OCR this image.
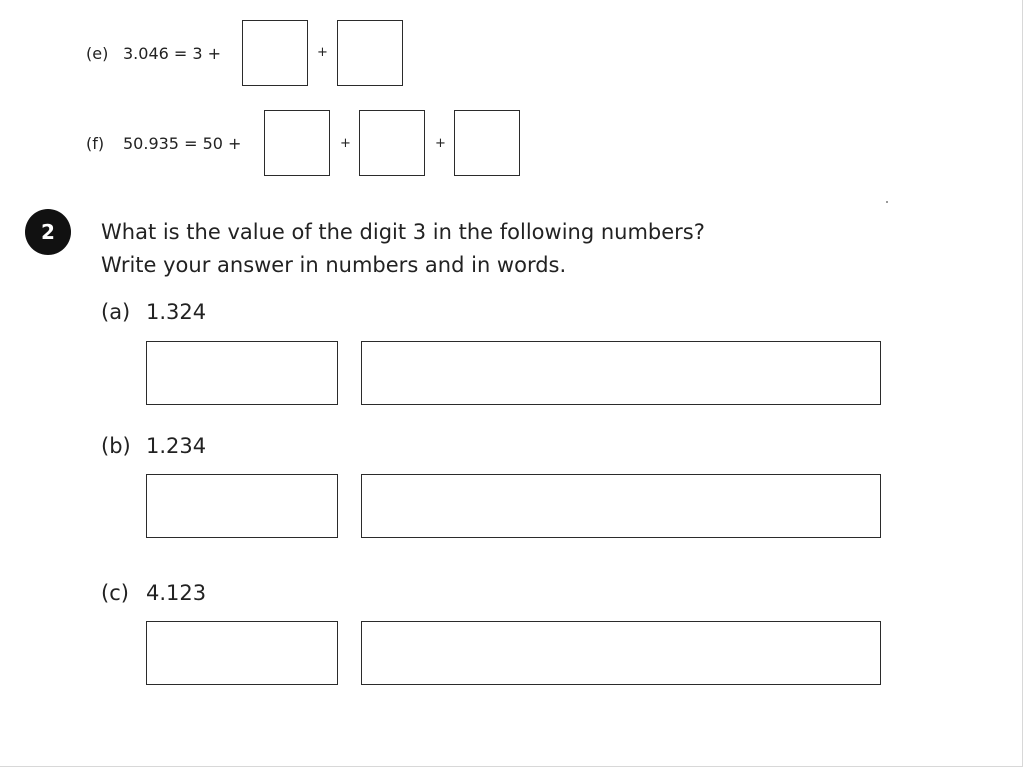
(e) 3.046 = 3 +	+
(f) 50.935 = 50 +	+	+
2	What is the value of the digit 3 in the following numbers?
Write your answer in numbers and in words.
(a) 1.324
(b) 1.234
(c) 4.123
